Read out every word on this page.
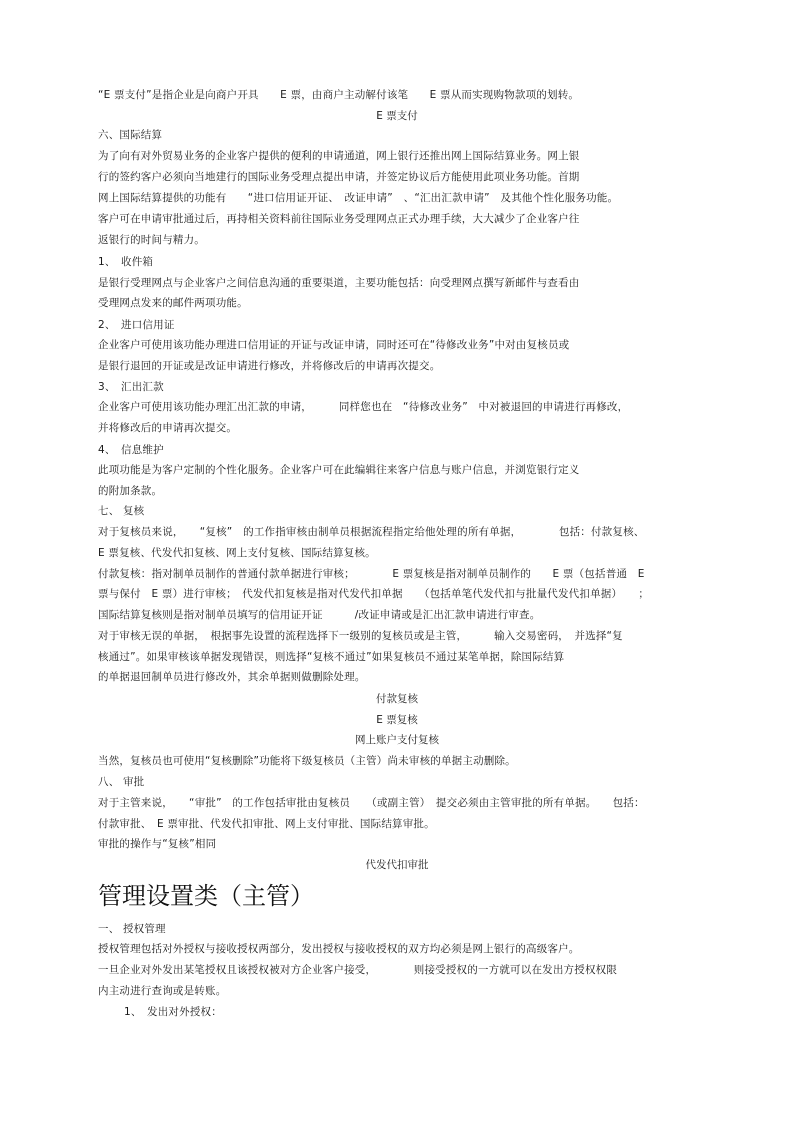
“E 票支付”是指企业是向商户开具　　E 票，由商户主动解付该笔　　E 票从而实现购物款项的划转。
E 票支付
六、国际结算
为了向有对外贸易业务的企业客户提供的便利的申请通道，网上银行还推出网上国际结算业务。网上银
行的签约客户必须向当地建行的国际业务受理点提出申请，并签定协议后方能使用此项业务功能。首期
网上国际结算提供的功能有　　“进口信用证开证、　改证申请”　、“汇出汇款申请”　及其他个性化服务功能。
客户可在申请审批通过后，再持相关资料前往国际业务受理网点正式办理手续，大大减少了企业客户往
返银行的时间与精力。
1、　收件箱
是银行受理网点与企业客户之间信息沟通的重要渠道，主要功能包括：向受理网点撰写新邮件与查看由
受理网点发来的邮件两项功能。
2、　进口信用证
企业客户可使用该功能办理进口信用证的开证与改证申请，同时还可在“待修改业务”中对由复核员或
是银行退回的开证或是改证申请进行修改，并将修改后的申请再次提交。
3、　汇出汇款
企业客户可使用该功能办理汇出汇款的申请，　　　同样您也在　“待修改业务”　中对被退回的申请进行再修改，
并将修改后的申请再次提交。
4、　信息维护
此项功能是为客户定制的个性化服务。企业客户可在此编辑往来客户信息与账户信息，并浏览银行定义
的附加条款。
七、 复核
对于复核员来说，　　“复核”　的工作指审核由制单员根据流程指定给他处理的所有单据，　　　　包括：付款复核、
E 票复核、代发代扣复核、网上支付复核、国际结算复核。
付款复核：指对制单员制作的普通付款单据进行审核；　　　　E 票复核是指对制单员制作的　　E 票（包括普通　E
票与保付　E 票）进行审核；　代发代扣复核是指对代发代扣单据　　（包括单笔代发代扣与批量代发代扣单据）　　；
国际结算复核则是指对制单员填写的信用证开证　　　/改证申请或是汇出汇款申请进行审查。
对于审核无误的单据，　根据事先设置的流程选择下一级别的复核员或是主管，　　　输入交易密码，　并选择“复
核通过”。如果审核该单据发现错误，则选择“复核不通过”如果复核员不通过某笔单据，除国际结算
的单据退回制单员进行修改外，其余单据则做删除处理。
付款复核
E 票复核
网上账户支付复核
当然，复核员也可使用“复核删除”功能将下级复核员（主管）尚未审核的单据主动删除。
八、 审批
对于主管来说，　　“审批”　的工作包括审批由复核员　　（或副主管）　提交必须由主管审批的所有单据。　　包括：
付款审批、　E 票审批、代发代扣审批、网上支付审批、国际结算审批。
审批的操作与“复核”相同
代发代扣审批
管理设置类（主管）
一、 授权管理
授权管理包括对外授权与接收授权两部分，发出授权与接收授权的双方均必须是网上银行的高级客户。
一旦企业对外发出某笔授权且该授权被对方企业客户接受，　　　　则接受授权的一方就可以在发出方授权权限
内主动进行查询或是转账。
1、　发出对外授权：
